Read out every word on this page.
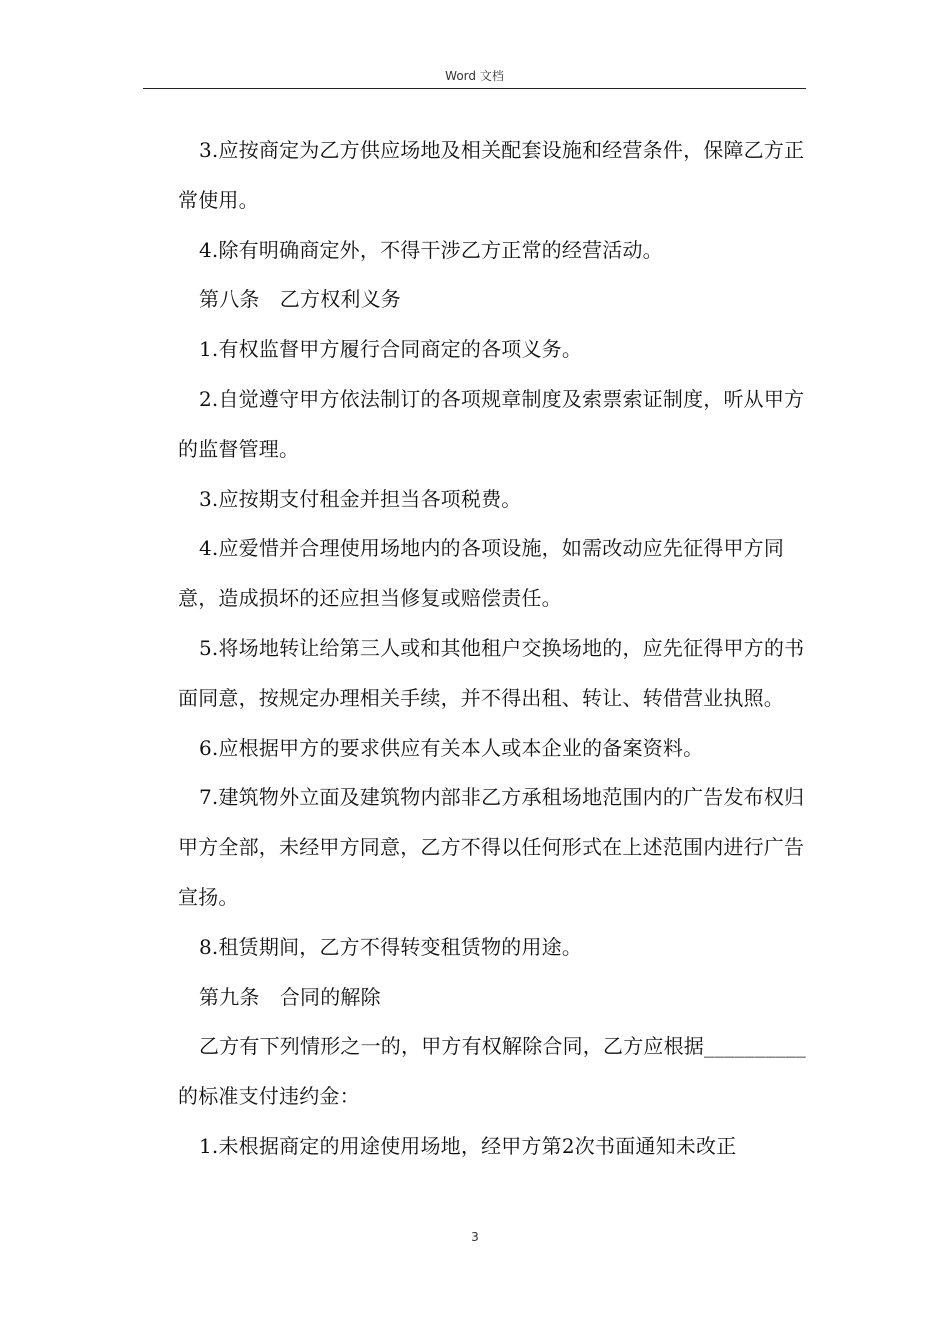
Word 文档

3.应按商定为乙方供应场地及相关配套设施和经营条件，保障乙方正常使用。

4.除有明确商定外，不得干涉乙方正常的经营活动。

第八条　乙方权利义务

1.有权监督甲方履行合同商定的各项义务。

2.自觉遵守甲方依法制订的各项规章制度及索票索证制度，听从甲方的监督管理。

3.应按期支付租金并担当各项税费。

4.应爱惜并合理使用场地内的各项设施，如需改动应先征得甲方同意，造成损坏的还应担当修复或赔偿责任。

5.将场地转让给第三人或和其他租户交换场地的，应先征得甲方的书面同意，按规定办理相关手续，并不得出租、转让、转借营业执照。

6.应根据甲方的要求供应有关本人或本企业的备案资料。

7.建筑物外立面及建筑物内部非乙方承租场地范围内的广告发布权归甲方全部，未经甲方同意，乙方不得以任何形式在上述范围内进行广告宣扬。

8.租赁期间，乙方不得转变租赁物的用途。

第九条　合同的解除

乙方有下列情形之一的，甲方有权解除合同，乙方应根据__________的标准支付违约金：

1.未根据商定的用途使用场地，经甲方第2次书面通知未改正

3
